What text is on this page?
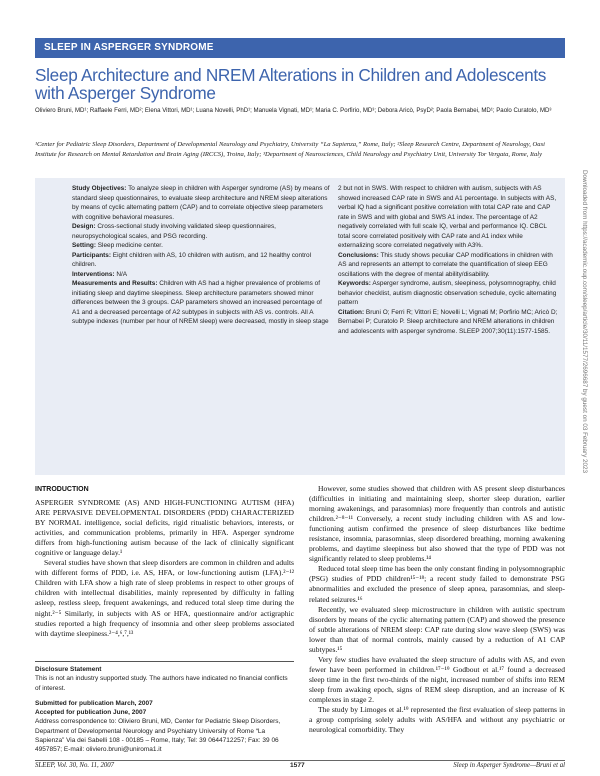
SLEEP IN ASPERGER SYNDROME
Sleep Architecture and NREM Alterations in Children and Adolescents with Asperger Syndrome
Oliviero Bruni, MD¹; Raffaele Ferri, MD²; Elena Vittori, MD¹; Luana Novelli, PhD¹; Manuela Vignati, MD¹; Maria C. Porfirio, MD³; Debora Aricò, PsyD²; Paola Bernabei, MD¹; Paolo Curatolo, MD³
¹Center for Pediatric Sleep Disorders, Department of Developmental Neurology and Psychiatry, University “La Sapienza,” Rome, Italy; ²Sleep Research Centre, Department of Neurology, Oasi Institute for Research on Mental Retardation and Brain Aging (IRCCS), Troina, Italy; ³Department of Neurosciences, Child Neurology and Psychiatry Unit, University Tor Vergata, Rome, Italy

Study Objectives: To analyze sleep in children with Asperger syndrome (AS) by means of standard sleep questionnaires, to evaluate sleep architecture and NREM sleep alterations by means of cyclic alternating pattern (CAP) and to correlate objective sleep parameters with cognitive behavioral measures.

Design: Cross-sectional study involving validated sleep questionnaires, neuropsychological scales, and PSG recording.

Setting: Sleep medicine center.

Participants: Eight children with AS, 10 children with autism, and 12 healthy control children.

Interventions: N/A

Measurements and Results: Children with AS had a higher prevalence of problems of initiating sleep and daytime sleepiness. Sleep architecture parameters showed minor differences between the 3 groups. CAP parameters showed an increased percentage of A1 and a decreased percentage of A2 subtypes in subjects with AS vs. controls. All A subtype indexes (number per hour of NREM sleep) were decreased, mostly in sleep stage

2 but not in SWS. With respect to children with autism, subjects with AS showed increased CAP rate in SWS and A1 percentage. In subjects with AS, verbal IQ had a significant positive correlation with total CAP rate and CAP rate in SWS and with global and SWS A1 index. The percentage of A2 negatively correlated with full scale IQ, verbal and performance IQ. CBCL total score correlated positively with CAP rate and A1 index while externalizing score correlated negatively with A3%.

Conclusions: This study shows peculiar CAP modifications in children with AS and represents an attempt to correlate the quantification of sleep EEG oscillations with the degree of mental ability/disability.

Keywords: Asperger syndrome, autism, sleepiness, polysomnography, child behavior checklist, autism diagnostic observation schedule, cyclic alternating pattern

Citation: Bruni O; Ferri R; Vittori E; Novelli L; Vignati M; Porfirio MC; Aricò D; Bernabei P; Curatolo P. Sleep architecture and NREM alterations in children and adolescents with asperger syndrome. SLEEP 2007;30(11):1577-1585.

INTRODUCTION

ASPERGER SYNDROME (AS) AND HIGH-FUNCTIONING AUTISM (HFA) ARE PERVASIVE DEVELOPMENTAL DISORDERS (PDD) CHARACTERIZED BY NORMAL intelligence, social deficits, rigid ritualistic behaviors, interests, or activities, and communication problems, primarily in HFA. Asperger syndrome differs from high-functioning autism because of the lack of clinically significant cognitive or language delay.¹

Several studies have shown that sleep disorders are common in children and adults with different forms of PDD, i.e. AS, HFA, or low-functioning autism (LFA).²⁻¹² Children with LFA show a high rate of sleep problems in respect to other groups of children with intellectual disabilities, mainly represented by difficulty in falling asleep, restless sleep, frequent awakenings, and reduced total sleep time during the night.²⁻⁵ Similarly, in subjects with AS or HFA, questionnaire and/or actigraphic studies reported a high frequency of insomnia and other sleep problems associated with daytime sleepiness.²⁻⁴,⁶,⁷,¹³

However, some studies showed that children with AS present sleep disturbances (difficulties in initiating and maintaining sleep, shorter sleep duration, earlier morning awakenings, and parasomnias) more frequently than controls and autistic children.²⁻⁸⁻¹¹ Conversely, a recent study including children with AS and low-functioning autism confirmed the presence of sleep disturbances like bedtime resistance, insomnia, parasomnias, sleep disordered breathing, morning awakening problems, and daytime sleepiness but also showed that the type of PDD was not significantly related to sleep problems.¹⁴

Reduced total sleep time has been the only constant finding in polysomnographic (PSG) studies of PDD children¹⁵⁻¹⁸; a recent study failed to demonstrate PSG abnormalities and excluded the presence of sleep apnea, parasomnias, and sleep-related seizures.¹⁶

Recently, we evaluated sleep microstructure in children with autistic spectrum disorders by means of the cyclic alternating pattern (CAP) and showed the presence of subtle alterations of NREM sleep: CAP rate during slow wave sleep (SWS) was lower than that of normal controls, mainly caused by a reduction of A1 CAP subtypes.¹⁵

Very few studies have evaluated the sleep structure of adults with AS, and even fewer have been performed in children.¹⁷⁻¹⁹ Godbout et al.¹⁷ found a decreased sleep time in the first two-thirds of the night, increased number of shifts into REM sleep from awaking epoch, signs of REM sleep disruption, and an increase of K complexes in stage 2.

The study by Limoges et al.¹⁹ represented the first evaluation of sleep patterns in a group comprising solely adults with AS/HFA and without any psychiatric or neurological comorbidity. They

Disclosure Statement
This is not an industry supported study. The authors have indicated no financial conflicts of interest.
Submitted for publication March, 2007
Accepted for publication June, 2007
Address correspondence to: Oliviero Bruni, MD, Center for Pediatric Sleep Disorders, Department of Developmental Neurology and Psychiatry University of Rome “La Sapienza” Via dei Sabelli 108 - 00185 – Rome, Italy; Tel: 39 0644712257; Fax: 39 06 4957857; E-mail: oliviero.bruni@uniroma1.it
SLEEP, Vol. 30, No. 11, 2007	1577	Sleep in Asperger Syndrome—Bruni et al
Downloaded from https://academic.oup.com/sleep/article/30/11/1577/2696687 by guest on 03 February 2023
